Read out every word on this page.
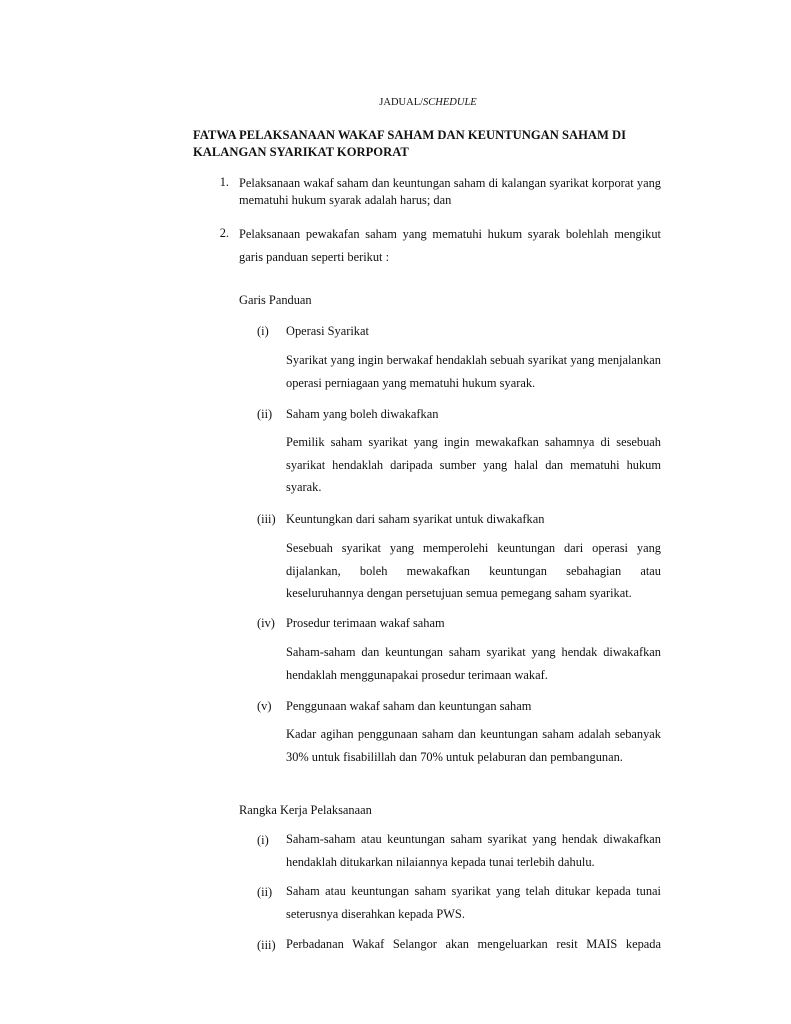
JADUAL/SCHEDULE
FATWA PELAKSANAAN WAKAF SAHAM DAN KEUNTUNGAN SAHAM DI KALANGAN SYARIKAT KORPORAT
1. Pelaksanaan wakaf saham dan keuntungan saham di kalangan syarikat korporat yang mematuhi hukum syarak adalah harus; dan
2. Pelaksanaan pewakafan saham yang mematuhi hukum syarak bolehlah mengikut garis panduan seperti berikut :
Garis Panduan
(i)	Operasi Syarikat
Syarikat yang ingin berwakaf hendaklah sebuah syarikat yang menjalankan operasi perniagaan yang mematuhi hukum syarak.
(ii)	Saham yang boleh diwakafkan
Pemilik saham syarikat yang ingin mewakafkan sahamnya di sesebuah syarikat hendaklah daripada sumber yang halal dan mematuhi hukum syarak.
(iii) Keuntungkan dari saham syarikat untuk diwakafkan
Sesebuah syarikat yang memperolehi keuntungan dari operasi yang dijalankan, boleh mewakafkan keuntungan sebahagian atau keseluruhannya dengan persetujuan semua pemegang saham syarikat.
(iv) Prosedur terimaan wakaf saham
Saham-saham dan keuntungan saham syarikat yang hendak diwakafkan hendaklah menggunapakai prosedur terimaan wakaf.
(v)	Penggunaan wakaf saham dan keuntungan saham
Kadar agihan penggunaan saham dan keuntungan saham adalah sebanyak 30% untuk fisabilillah dan 70% untuk pelaburan dan pembangunan.
Rangka Kerja Pelaksanaan
(i)	Saham-saham atau keuntungan saham syarikat yang hendak diwakafkan hendaklah ditukarkan nilaiannya kepada tunai terlebih dahulu.
(ii)	Saham atau keuntungan saham syarikat yang telah ditukar kepada tunai seterusnya diserahkan kepada PWS.
(iii) Perbadanan Wakaf Selangor akan mengeluarkan resit MAIS kepada
